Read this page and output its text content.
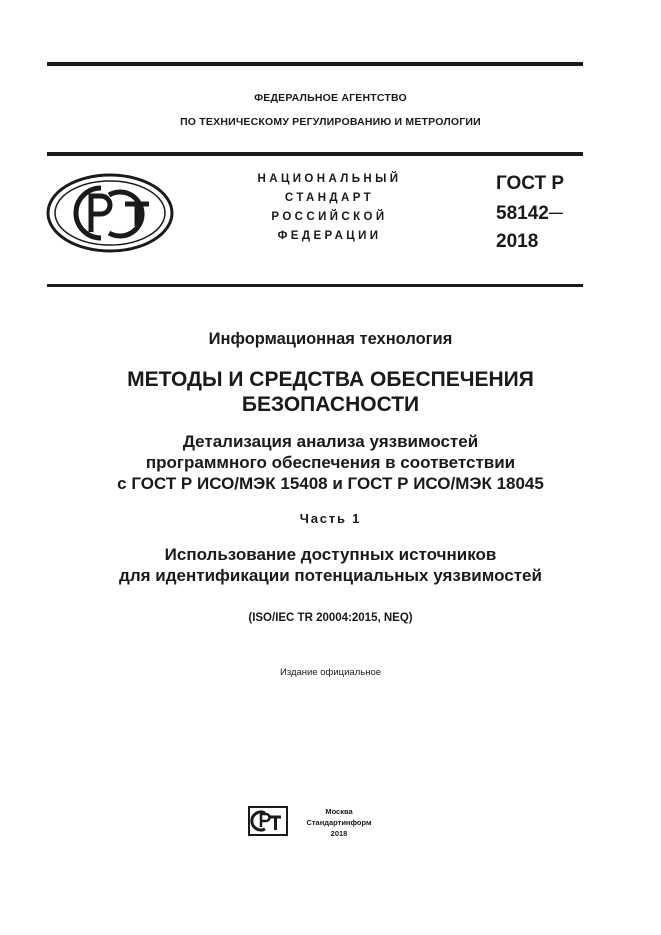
ФЕДЕРАЛЬНОЕ АГЕНТСТВО
ПО ТЕХНИЧЕСКОМУ РЕГУЛИРОВАНИЮ И МЕТРОЛОГИИ
НАЦИОНАЛЬНЫЙ
СТАНДАРТ
РОССИЙСКОЙ
ФЕДЕРАЦИИ
ГОСТ Р
58142—
2018
Информационная технология
МЕТОДЫ И СРЕДСТВА ОБЕСПЕЧЕНИЯ
БЕЗОПАСНОСТИ
Детализация анализа уязвимостей
программного обеспечения в соответствии
с ГОСТ Р ИСО/МЭК 15408 и ГОСТ Р ИСО/МЭК 18045
Часть 1
Использование доступных источников
для идентификации потенциальных уязвимостей
(ISO/IEC TR 20004:2015, NEQ)
Издание официальное
Москва
Стандартинформ
2018
